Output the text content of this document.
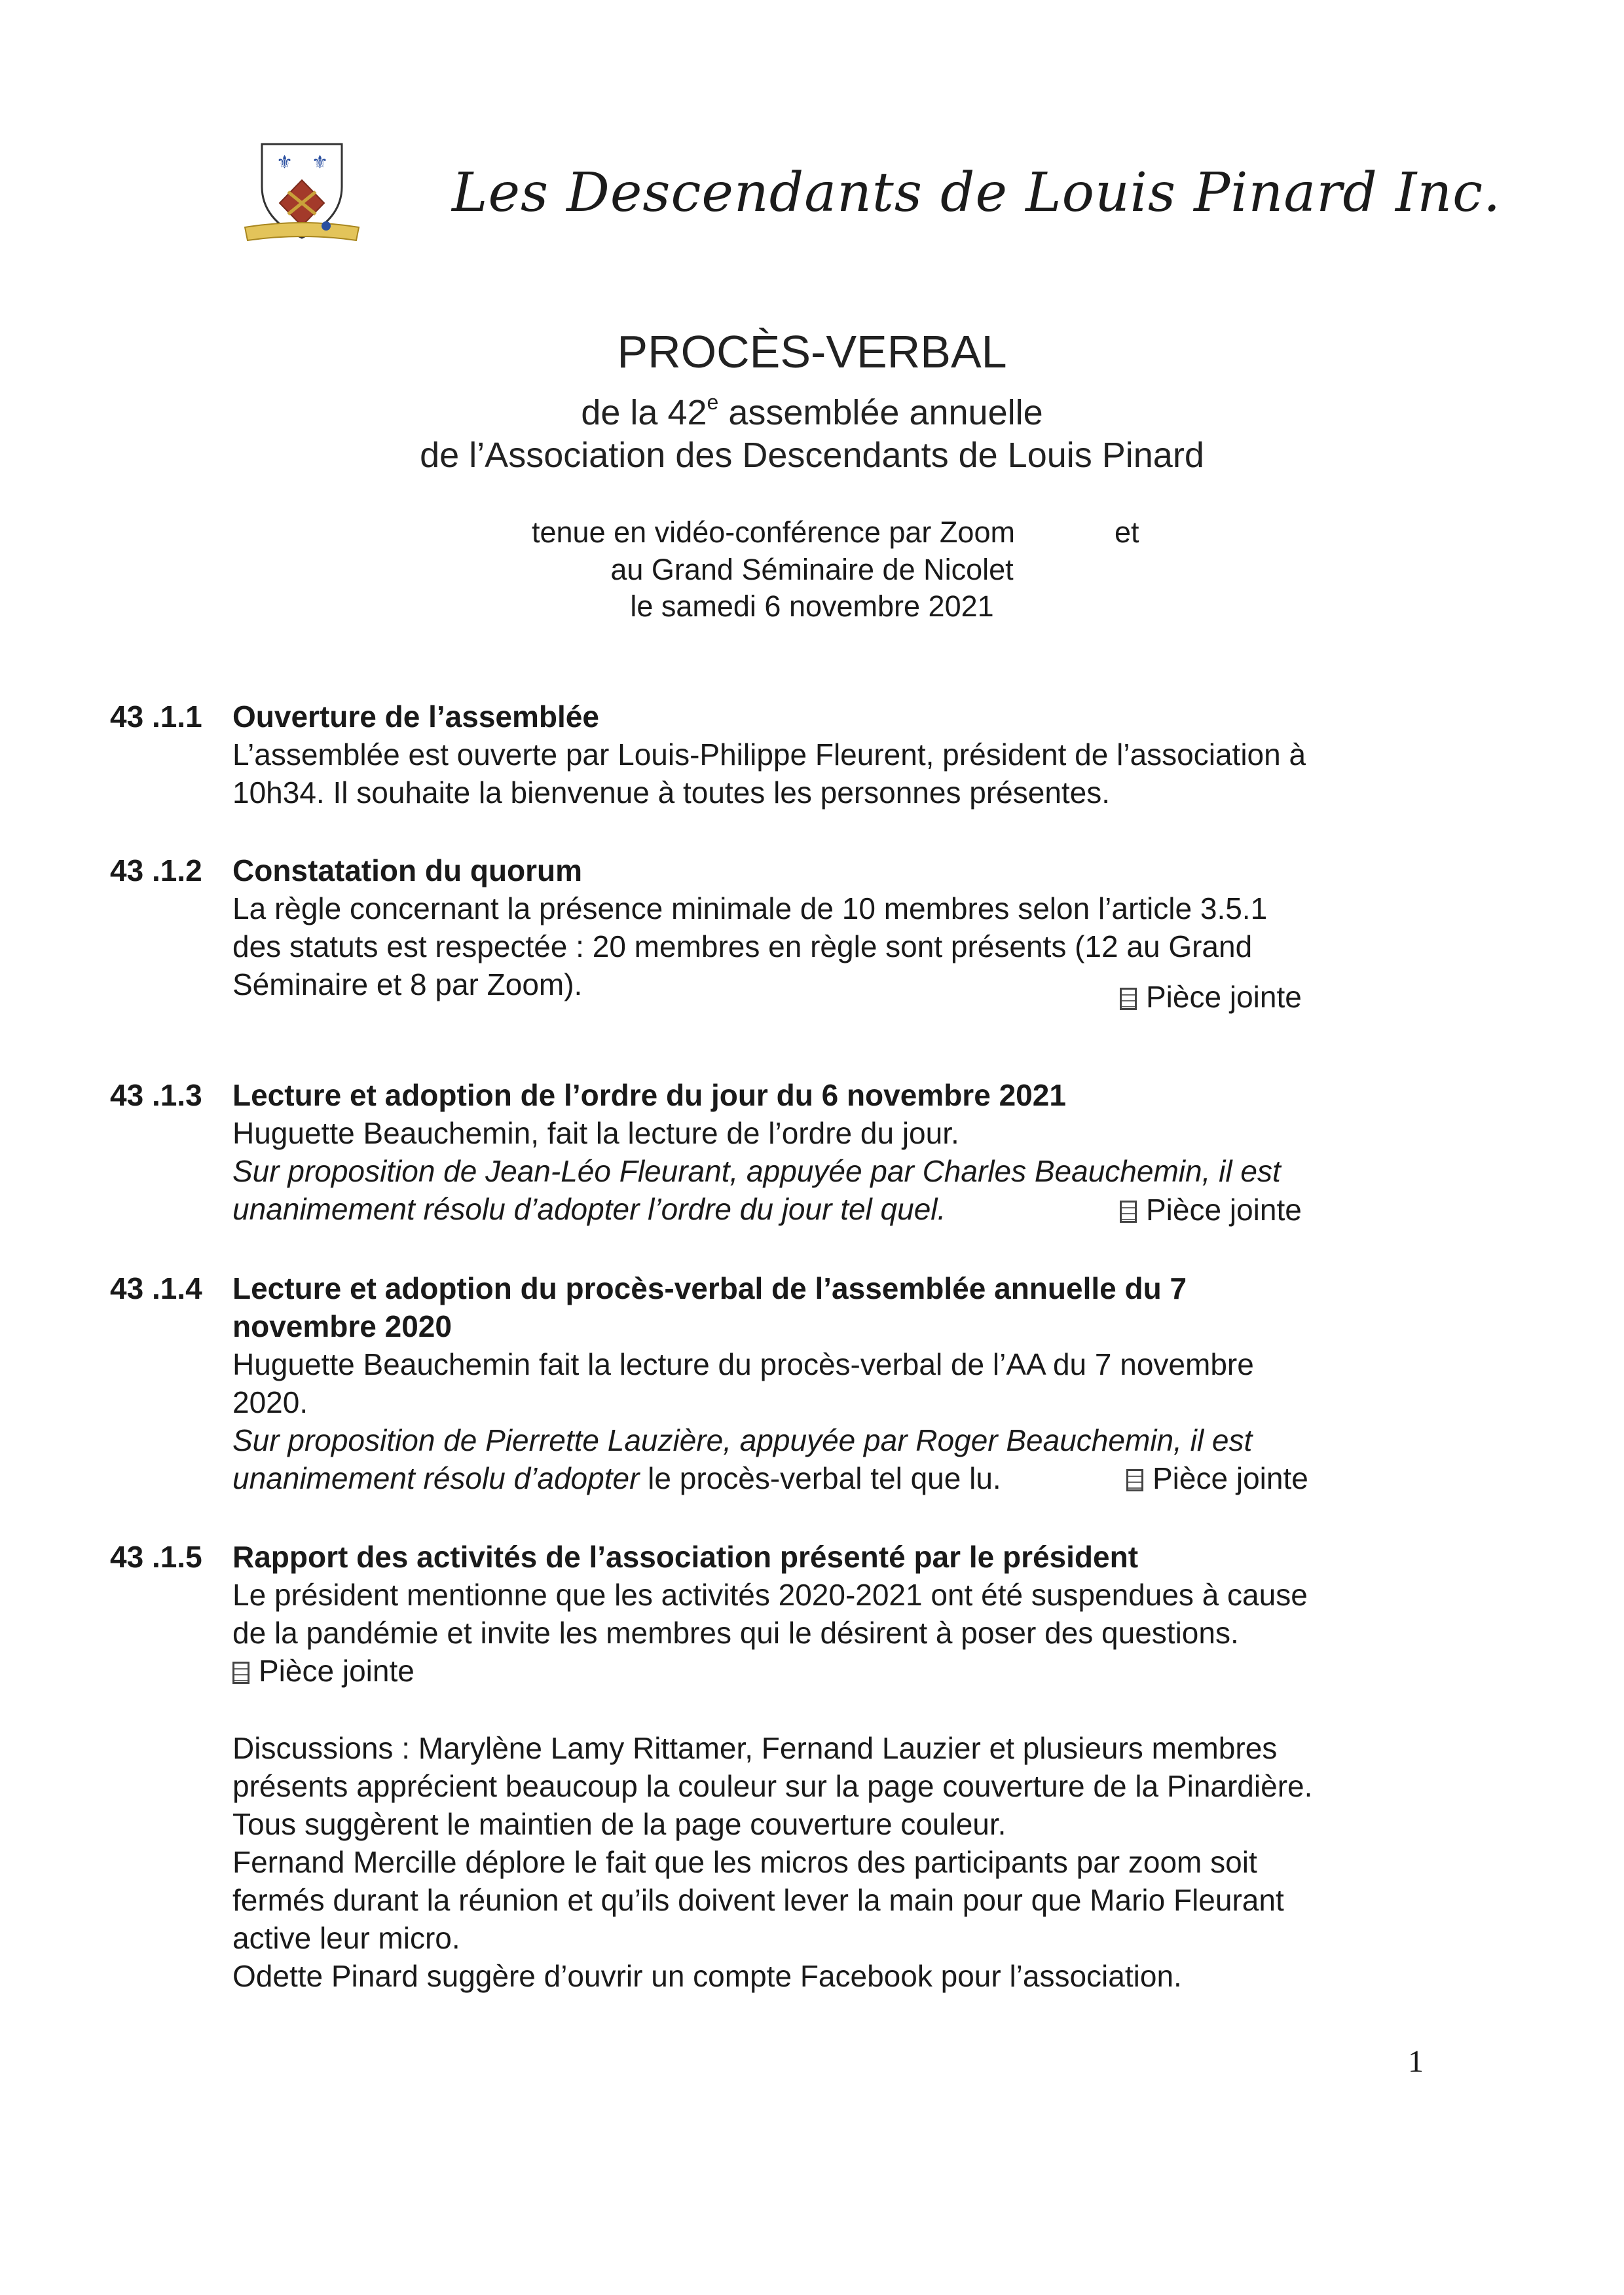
⚜ ⚜ Les Descendants de Louis Pinard Inc.
PROCÈS-VERBAL
de la 42e assemblée annuelle
de l’Association des Descendants de Louis Pinard
tenue en vidéo-conférence par Zoom	et
au Grand Séminaire de Nicolet
le samedi 6 novembre 2021
43 .1.1 Ouverture de l’assemblée
L’assemblée est ouverte par Louis-Philippe Fleurent, président de l’association à
10h34. Il souhaite la bienvenue à toutes les personnes présentes.
43 .1.2 Constatation du quorum
La règle concernant la présence minimale de 10 membres selon l’article 3.5.1
des statuts est respectée : 20 membres en règle sont présents (12 au Grand
Séminaire et 8 par Zoom).	Pièce jointe
43 .1.3 Lecture et adoption de l’ordre du jour du 6 novembre 2021
Huguette Beauchemin, fait la lecture de l’ordre du jour.
Sur proposition de Jean-Léo Fleurant, appuyée par Charles Beauchemin, il est
unanimement résolu d’adopter l’ordre du jour tel quel.	Pièce jointe
43 .1.4 Lecture et adoption du procès-verbal de l’assemblée annuelle du 7
novembre 2020
Huguette Beauchemin fait la lecture du procès-verbal de l’AA du 7 novembre
2020.
Sur proposition de Pierrette Lauzière, appuyée par Roger Beauchemin, il est
unanimement résolu d’adopter le procès-verbal tel que lu.	Pièce jointe
43 .1.5 Rapport des activités de l’association présenté par le président
Le président mentionne que les activités 2020-2021 ont été suspendues à cause
de la pandémie et invite les membres qui le désirent à poser des questions.
Pièce jointe
Discussions : Marylène Lamy Rittamer, Fernand Lauzier et plusieurs membres
présents apprécient beaucoup la couleur sur la page couverture de la Pinardière.
Tous suggèrent le maintien de la page couverture couleur.
Fernand Mercille déplore le fait que les micros des participants par zoom soit
fermés durant la réunion et qu’ils doivent lever la main pour que Mario Fleurant
active leur micro.
Odette Pinard suggère d’ouvrir un compte Facebook pour l’association.
1
